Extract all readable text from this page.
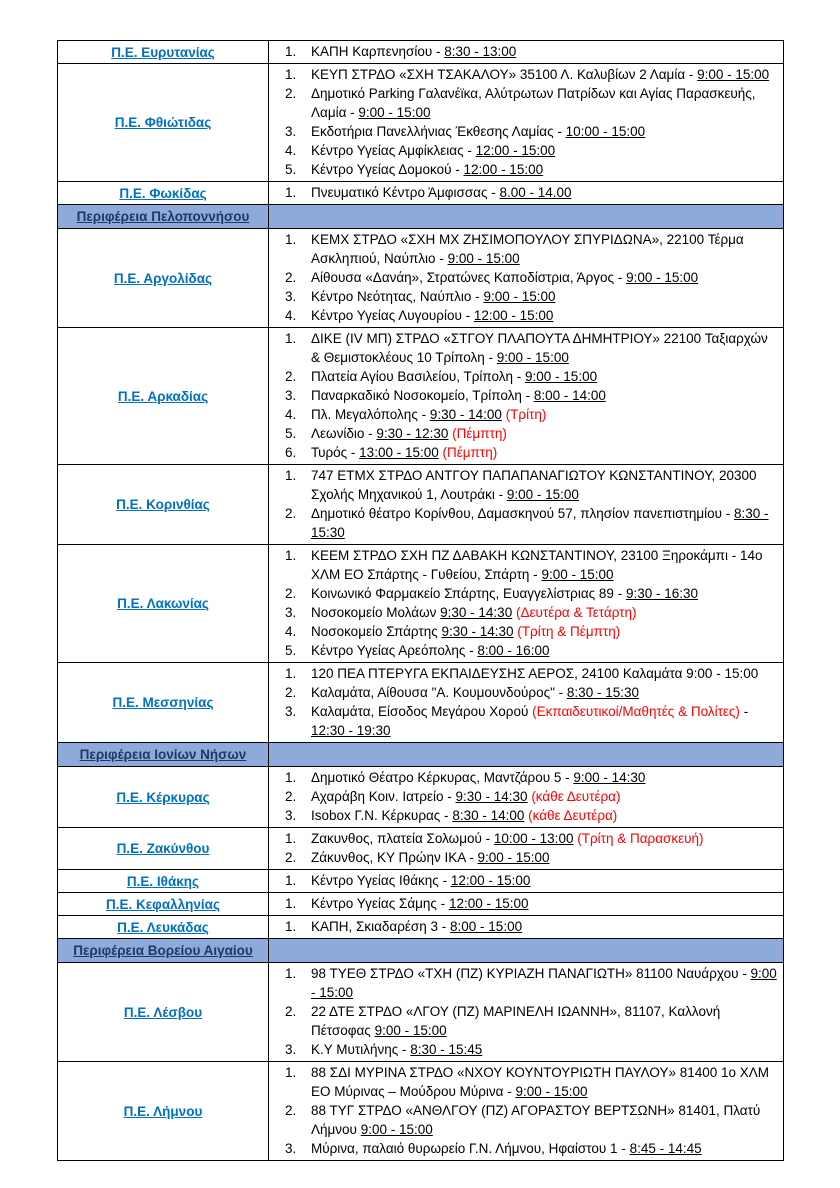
Π.Ε. Ευρυτανίας	1. ΚΑΠΗ Καρπενησίου - 8:30 - 13:00

Π.Ε. Φθιώτιδας	
1.	ΚΕΥΠ ΣΤΡΔΟ «ΣΧΗ ΤΣΑΚΑΛΟΥ» 35100 Λ. Καλυβίων 2 Λαμία - 9:00 - 15:00
2.	Δημοτικό Parking Γαλανέϊκα, Αλύτρωτων Πατρίδων και Αγίας Παρασκευής, Λαμία - 9:00 - 15:00
3.	Εκδοτήρια Πανελλήνιας Έκθεσης Λαμίας - 10:00 - 15:00
4.	Κέντρο Υγείας Αμφίκλειας - 12:00 - 15:00
5.	Κέντρο Υγείας Δομοκού - 12:00 - 15:00

Π.Ε. Φωκίδας	1. Πνευματικό Κέντρο Άμφισσας - 8.00 - 14.00

Περιφέρεια Πελοποννήσου	
Π.Ε. Αργολίδας	
1.	ΚΕΜΧ ΣΤΡΔΟ «ΣΧΗ ΜΧ ΖΗΣΙΜΟΠΟΥΛΟΥ ΣΠΥΡΙΔΩΝΑ», 22100 Τέρμα Ασκληπιού, Ναύπλιο - 9:00 - 15:00
2.	Αίθουσα «Δανάη», Στρατώνες Καποδίστρια, Άργος - 9:00 - 15:00
3.	Κέντρο Νεότητας, Ναύπλιο - 9:00 - 15:00
4.	Κέντρο Υγείας Λυγουρίου - 12:00 - 15:00

Π.Ε. Αρκαδίας	
1.	ΔΙΚΕ (ΙV ΜΠ) ΣΤΡΔΟ «ΣΤΓΟΥ ΠΛΑΠΟΥΤΑ ΔΗΜΗΤΡΙΟΥ» 22100 Ταξιαρχών & Θεμιστοκλέους 10 Τρίπολη - 9:00 - 15:00
2.	Πλατεία Αγίου Βασιλείου, Τρίπολη - 9:00 - 15:00
3.	Παναρκαδικό Νοσοκομείο, Τρίπολη - 8:00 - 14:00
4.	Πλ. Μεγαλόπολης - 9:30 - 14:00 (Τρίτη)
5.	Λεωνίδιο - 9:30 - 12:30 (Πέμπτη)
6.	Τυρός - 13:00 - 15:00 (Πέμπτη)

Π.Ε. Κορινθίας	1. 747 ΕΤΜΧ ΣΤΡΔΟ ΑΝΤΓΟΥ ΠΑΠΑΠΑΝΑΓΙΩΤΟΥ ΚΩΝΣΤΑΝΤΙΝΟΥ, 20300 Σχολής Μηχανικού 1, Λουτράκι - 9:00 - 15:00
2. Δημοτικό θέατρο Κορίνθου, Δαμασκηνού 57, πλησίον πανεπιστημίου - 8:30 - 15:30

Π.Ε. Λακωνίας	
1.	ΚΕΕΜ ΣΤΡΔΟ ΣΧΗ ΠΖ ΔΑΒΑΚΗ ΚΩΝΣΤΑΝΤΙΝΟΥ, 23100 Ξηροκάμπι - 14ο ΧΛΜ ΕΟ Σπάρτης - Γυθείου, Σπάρτη - 9:00 - 15:00
2.	Κοινωνικό Φαρμακείο Σπάρτης, Ευαγγελίστριας 89 - 9:30 - 16:30
3.	Νοσοκομείο Μολάων 9:30 - 14:30 (Δευτέρα & Τετάρτη)
4.	Νοσοκομείο Σπάρτης 9:30 - 14:30 (Τρίτη & Πέμπτη)
5.	Κέντρο Υγείας Αρεόπολης - 8:00 - 16:00

Π.Ε. Μεσσηνίας	
1.	120 ΠΕΑ ΠΤΕΡΥΓΑ ΕΚΠΑΙΔΕΥΣΗΣ ΑΕΡΟΣ, 24100 Καλαμάτα 9:00 - 15:00
2.	Καλαμάτα, Αίθουσα "Α. Κουμουνδούρος" - 8:30 - 15:30
3.	Καλαμάτα, Είσοδος Μεγάρου Χορού (Εκπαιδευτικοί/Μαθητές & Πολίτες) - 12:30 - 19:30

Περιφέρεια Ιονίων Νήσων	
Π.Ε. Κέρκυρας	
1.	Δημοτικό Θέατρο Κέρκυρας, Μαντζάρου 5 - 9:00 - 14:30
2.	Αχαράβη Κοιν. Ιατρείο - 9:30 - 14:30 (κάθε Δευτέρα)
3.	Isobox Γ.Ν. Κέρκυρας - 8:30 - 14:00 (κάθε Δευτέρα)

Π.Ε. Ζακύνθου	1. Ζακυνθος, πλατεία Σολωμού - 10:00 - 13:00 (Τρίτη & Παρασκευή)
2. Ζάκυνθος, ΚΥ Πρώην ΙΚΑ - 9:00 - 15:00

Π.Ε. Ιθάκης	1. Κέντρο Υγείας Ιθάκης - 12:00 - 15:00

Π.Ε. Κεφαλληνίας	1. Κέντρο Υγείας Σάμης - 12:00 - 15:00

Π.Ε. Λευκάδας	1. ΚΑΠΗ, Σκιαδαρέση 3 - 8:00 - 15:00

Περιφέρεια Βορείου Αιγαίου	
Π.Ε. Λέσβου	
1.	98 ΤΥΕΘ ΣΤΡΔΟ «ΤΧΗ (ΠΖ) ΚΥΡΙΑΖΗ ΠΑΝΑΓΙΩΤΗ» 81100 Ναυάρχου - 9:00 - 15:00
2.	22 ΔΤΕ ΣΤΡΔΟ «ΛΓΟΥ (ΠΖ) ΜΑΡΙΝΕΛΗ ΙΩΑΝΝΗ», 81107, Καλλονή Πέτσοφας 9:00 - 15:00
3.	Κ.Υ Μυτιλήνης - 8:30 - 15:45

Π.Ε. Λήμνου	
1.	88 ΣΔΙ ΜΥΡΙΝΑ ΣΤΡΔΟ «ΝΧΟΥ ΚΟΥΝΤΟΥΡΙΩΤΗ ΠΑΥΛΟΥ» 81400 1ο ΧΛΜ ΕΟ Μύρινας – Μούδρου Μύρινα - 9:00 - 15:00
2.	88 ΤΥΓ ΣΤΡΔΟ «ΑΝΘΛΓΟΥ (ΠΖ) ΑΓΟΡΑΣΤΟΥ ΒΕΡΤΣΩΝΗ» 81401, Πλατύ Λήμνου 9:00 - 15:00
3.	Μύρινα, παλαιό θυρωρείο Γ.Ν. Λήμνου, Ηφαίστου 1 - 8:45 - 14:45
